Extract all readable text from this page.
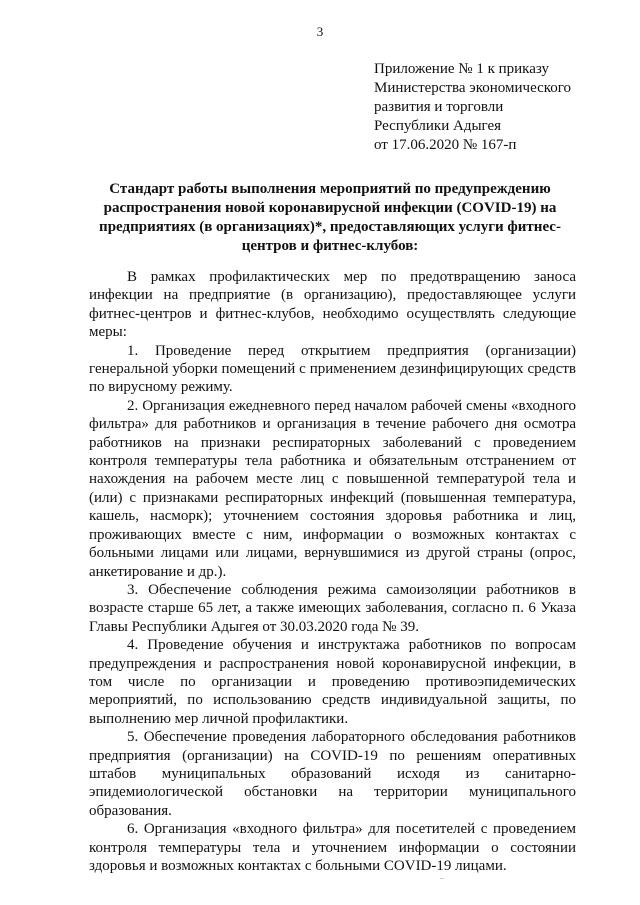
3
Приложение № 1 к приказу
Министерства экономического
развития и торговли
Республики Адыгея
от 17.06.2020 № 167-п
Стандарт работы выполнения мероприятий по предупреждению
распространения новой коронавирусной инфекции (COVID-19) на
предприятиях (в организациях)*, предоставляющих услуги фитнес-
центров и фитнес-клубов:

В рамках профилактических мер по предотвращению заноса инфекции на предприятие (в организацию), предоставляющее услуги фитнес-центров и фитнес-клубов, необходимо осуществлять следующие меры:

1. Проведение перед открытием предприятия (организации) генеральной уборки помещений с применением дезинфицирующих средств по вирусному режиму.

2. Организация ежедневного перед началом рабочей смены «входного фильтра» для работников и организация в течение рабочего дня осмотра работников на признаки респираторных заболеваний с проведением контроля температуры тела работника и обязательным отстранением от нахождения на рабочем месте лиц с повышенной температурой тела и (или) с признаками респираторных инфекций (повышенная температура, кашель, насморк); уточнением состояния здоровья работника и лиц, проживающих вместе с ним, информации о возможных контактах с больными лицами или лицами, вернувшимися из другой страны (опрос, анкетирование и др.).

3. Обеспечение соблюдения режима самоизоляции работников в возрасте старше 65 лет, а также имеющих заболевания, согласно п. 6 Указа Главы Республики Адыгея от 30.03.2020 года № 39.

4. Проведение обучения и инструктажа работников по вопросам предупреждения и распространения новой коронавирусной инфекции, в том числе по организации и проведению противоэпидемических мероприятий, по использованию средств индивидуальной защиты, по выполнению мер личной профилактики.

5. Обеспечение проведения лабораторного обследования работников предприятия (организации) на COVID-19 по решениям оперативных штабов муниципальных образований исходя из санитарно-эпидемиологической обстановки на территории муниципального образования.

6. Организация «входного фильтра» для посетителей с проведением контроля температуры тела и уточнением информации о состоянии здоровья и возможных контактах с больными COVID-19 лицами.
